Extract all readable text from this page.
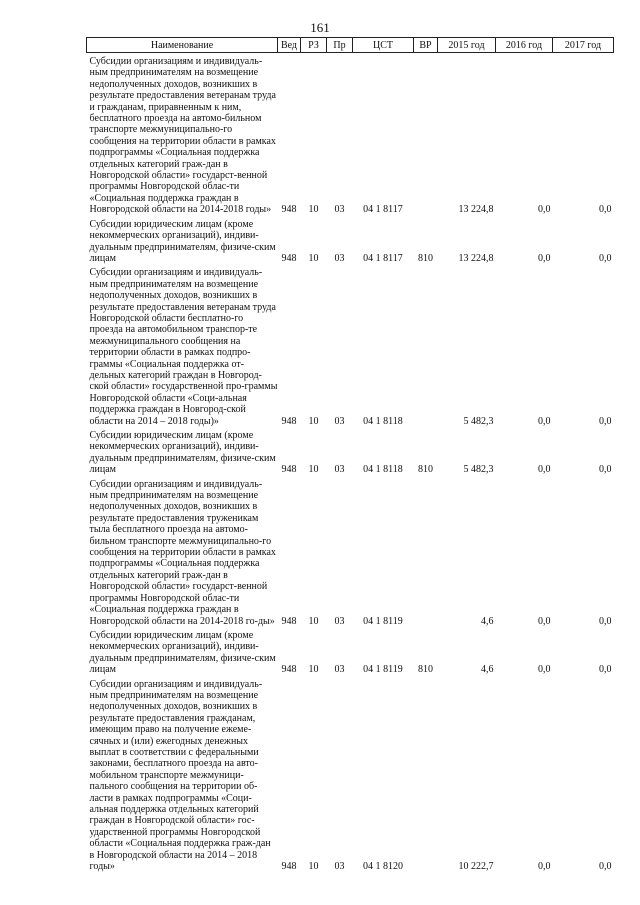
161
Наименование	Вед	РЗ	Пр	ЦСТ	ВР	2015 год	2016 год	2017 год
Субсидии организациям и индивидуаль-ным предпринимателям на возмещение недополученных доходов, возникших в результате предоставления ветеранам труда и гражданам, приравненным к ним, бесплатного проезда на автомо-бильном транспорте межмуниципально-го сообщения на территории области в рамках подпрограммы «Социальная поддержка отдельных категорий граж-дан в Новгородской области» государст-венной программы Новгородской облас-ти «Социальная поддержка граждан в Новгородской области на 2014-2018 годы»	948	10	03	04 1 8117		13 224,8	0,0	0,0
Субсидии юридическим лицам (кроме некоммерческих организаций), индиви-дуальным предпринимателям, физиче-ским лицам	948	10	03	04 1 8117	810	13 224,8	0,0	0,0
Субсидии организациям и индивидуаль-ным предпринимателям на возмещение недополученных доходов, возникших в результате предоставления ветеранам труда Новгородской области бесплатно-го проезда на автомобильном транспор-те межмуниципального сообщения на территории области в рамках подпро-граммы «Социальная поддержка от-дельных категорий граждан в Новгород-ской области» государственной про-граммы Новгородской области «Соци-альная поддержка граждан в Новгород-ской области на 2014 – 2018 годы)»	948	10	03	04 1 8118		5 482,3	0,0	0,0
Субсидии юридическим лицам (кроме некоммерческих организаций), индиви-дуальным предпринимателям, физиче-ским лицам	948	10	03	04 1 8118	810	5 482,3	0,0	0,0
Субсидии организациям и индивидуаль-ным предпринимателям на возмещение недополученных доходов, возникших в результате предоставления труженикам тыла бесплатного проезда на автомо-бильном транспорте межмуниципально-го сообщения на территории области в рамках подпрограммы «Социальная поддержка отдельных категорий граж-дан в Новгородской области» государст-венной программы Новгородской облас-ти «Социальная поддержка граждан в Новгородской области на 2014-2018 го-ды»	948	10	03	04 1 8119		4,6	0,0	0,0
Субсидии юридическим лицам (кроме некоммерческих организаций), индиви-дуальным предпринимателям, физиче-ским лицам	948	10	03	04 1 8119	810	4,6	0,0	0,0
Субсидии организациям и индивидуаль-ным предпринимателям на возмещение недополученных доходов, возникших в результате предоставления гражданам, имеющим право на получение ежеме-сячных и (или) ежегодных денежных выплат в соответствии с федеральными законами, бесплатного проезда на авто-мобильном транспорте межмуници-пального сообщения на территории об-ласти в рамках подпрограммы «Соци-альная поддержка отдельных категорий граждан в Новгородской области» гос-ударственной программы Новгородской области «Социальная поддержка граж-дан в Новгородской области на 2014 – 2018 годы»	948	10	03	04 1 8120		10 222,7	0,0	0,0
